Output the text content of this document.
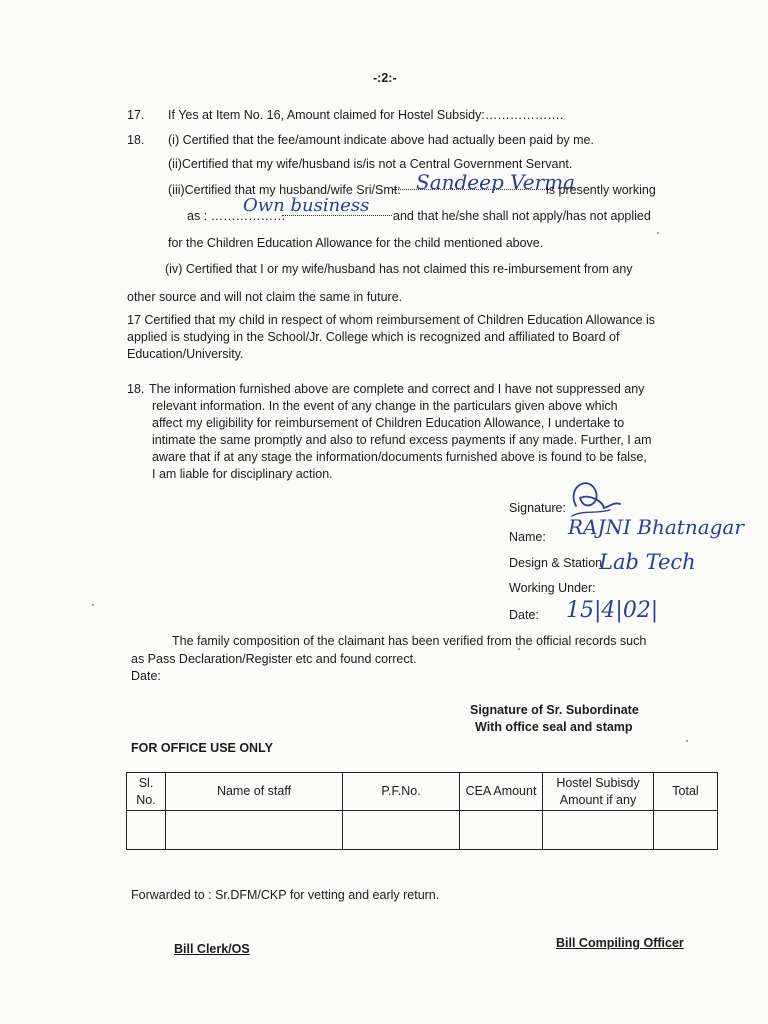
-:2:-
17. If Yes at Item No. 16, Amount claimed for Hostel Subsidy:……………….
18. (i) Certified that the fee/amount indicate above had actually been paid by me.
(ii)Certified that my wife/husband is/is not a Central Government Servant.
(iii)Certified that my husband/wife Sri/Smt: Sandeep Verma
is presently working
as : ………………
Own business and that he/she shall not apply/has not applied
for the Children Education Allowance for the child mentioned above.
(iv) Certified that I or my wife/husband has not claimed this re-imbursement from any
other source and will not claim the same in future.
17 Certified that my child in respect of whom reimbursement of Children Education Allowance is applied is studying in the School/Jr. College which is recognized and affiliated to Board of Education/University.
18. The information furnished above are complete and correct and I have not suppressed any
relevant information. In the event of any change in the particulars given above which
affect my eligibility for reimbursement of Children Education Allowance, I undertake to
intimate the same promptly and also to refund excess payments if any made. Further, I am
aware that if at any stage the information/documents furnished above is found to be false,
I am liable for disciplinary action.
Signature:
Name: RAJNI Bhatnagar
Design & Station
Lab Tech
Working Under:
Date: 15|4|02|
The family composition of the claimant has been verified from the official records such
as Pass Declaration/Register etc and found correct.
Date:
Signature of Sr. Subordinate
With office seal and stamp
FOR OFFICE USE ONLY
Sl. No.	Name of staff	P.F.No.	CEA Amount	Hostel Subisdy Amount if any	Total

Forwarded to : Sr.DFM/CKP for vetting and early return.
Bill Clerk/OS	Bill Compiling Officer
